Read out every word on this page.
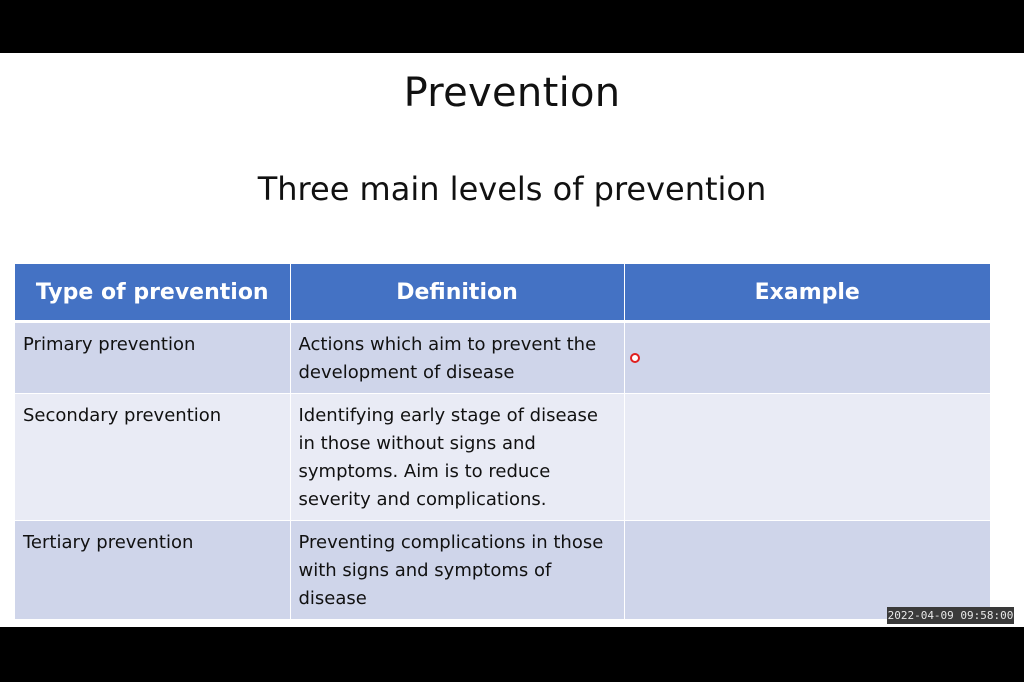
Prevention
Three main levels of prevention
Type of prevention	Definition	Example
Primary prevention	Actions which aim to prevent the development of disease	
Secondary prevention	Identifying early stage of disease in those without signs and symptoms. Aim is to reduce severity and complications.	
Tertiary prevention	Preventing complications in those with signs and symptoms of disease	
2022-04-09 09:58:00
